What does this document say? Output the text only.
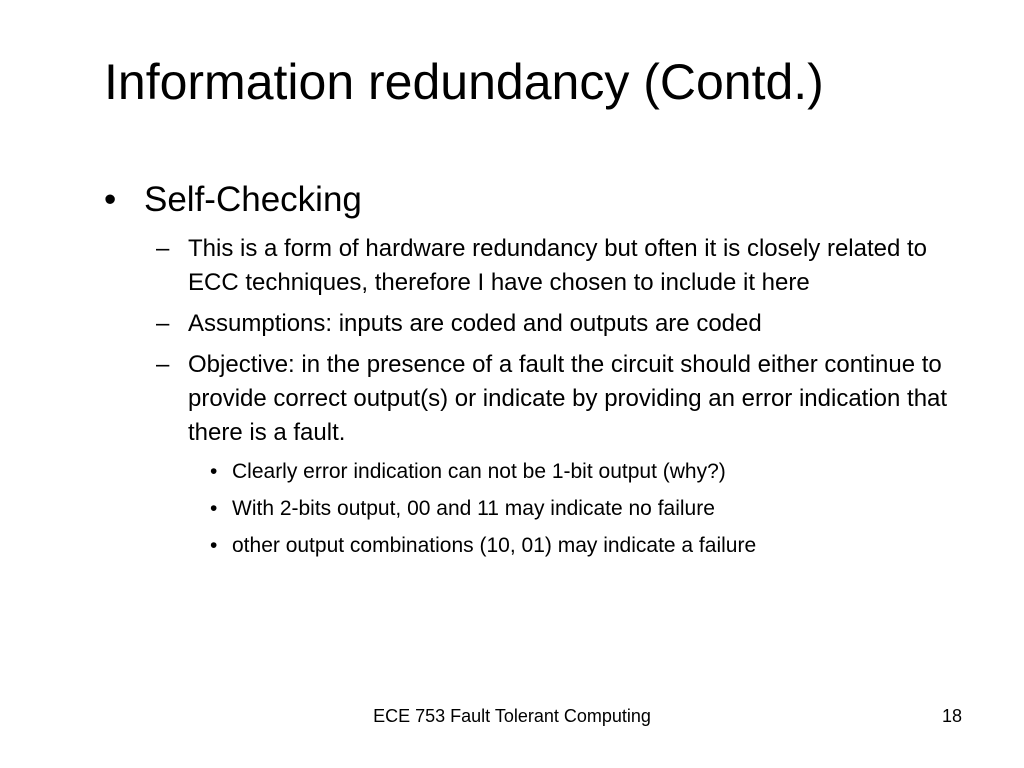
Information redundancy (Contd.)
• Self-Checking
– This is a form of hardware redundancy but often it is closely related to ECC techniques, therefore I have chosen to include it here
– Assumptions: inputs are coded and outputs are coded
– Objective: in the presence of a fault the circuit should either continue to provide correct output(s) or indicate by providing an error indication that there is a fault.
• Clearly error indication can not be 1-bit output (why?)
• With 2-bits output, 00 and 11 may indicate no failure
• other output combinations (10, 01) may indicate a failure
ECE 753 Fault Tolerant Computing	18
